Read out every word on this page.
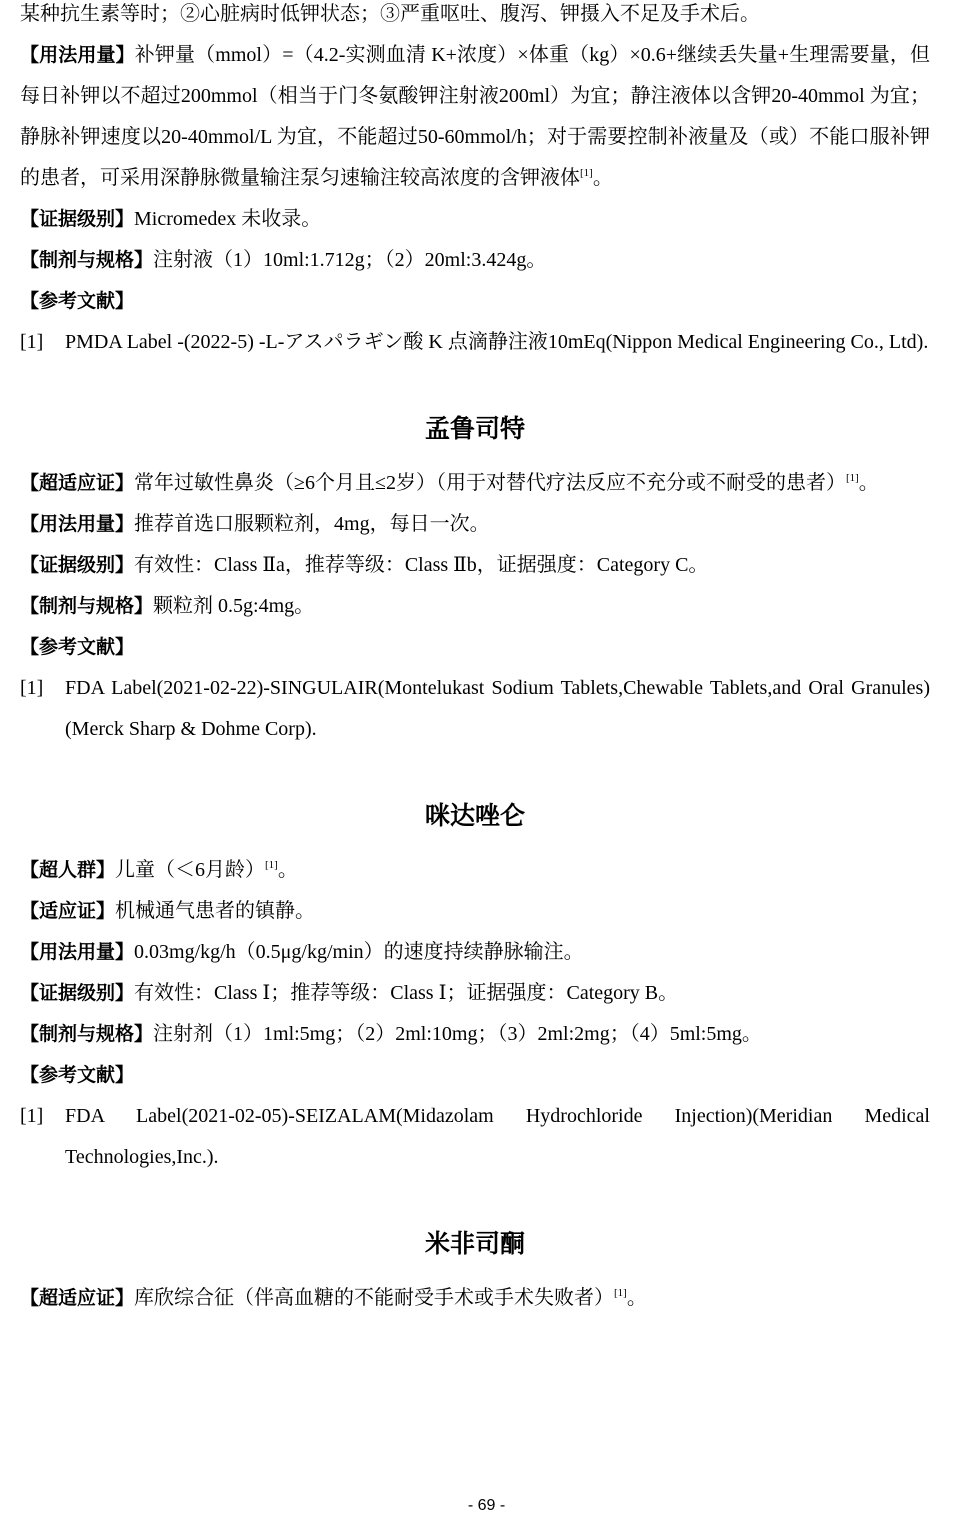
某种抗生素等时；②心脏病时低钾状态；③严重呕吐、腹泻、钾摄入不足及手术后。

【用法用量】补钾量（mmol）=（4.2-实测血清 K+浓度）×体重（kg）×0.6+继续丢失量+生理需要量，但每日补钾以不超过200mmol（相当于门冬氨酸钾注射液200ml）为宜；静注液体以含钾20-40mmol 为宜；静脉补钾速度以20-40mmol/L 为宜，不能超过50-60mmol/h；对于需要控制补液量及（或）不能口服补钾的患者，可采用深静脉微量输注泵匀速输注较高浓度的含钾液体[1]。

【证据级别】Micromedex 未收录。

【制剂与规格】注射液（1）10ml:1.712g；（2）20ml:3.424g。

【参考文献】

[1]	PMDA Label -(2022-5) -L-アスパラギン酸 K 点滴静注液10mEq(Nippon Medical Engineering Co., Ltd).
孟鲁司特

【超适应证】常年过敏性鼻炎（≥6个月且≤2岁）（用于对替代疗法反应不充分或不耐受的患者）[1]。

【用法用量】推荐首选口服颗粒剂，4mg，每日一次。

【证据级别】有效性：Class Ⅱa，推荐等级：Class Ⅱb，证据强度：Category C。

【制剂与规格】颗粒剂 0.5g:4mg。

【参考文献】

[1]	FDA Label(2021-02-22)-SINGULAIR(Montelukast Sodium Tablets,Chewable Tablets,and Oral Granules)(Merck Sharp & Dohme Corp).
咪达唑仑

【超人群】儿童（＜6月龄）[1]。

【适应证】机械通气患者的镇静。

【用法用量】0.03mg/kg/h（0.5μg/kg/min）的速度持续静脉输注。

【证据级别】有效性：Class Ⅰ；推荐等级：Class Ⅰ；证据强度：Category B。

【制剂与规格】注射剂（1）1ml:5mg；（2）2ml:10mg；（3）2ml:2mg；（4）5ml:5mg。

【参考文献】

[1]	FDA Label(2021-02-05)-SEIZALAM(Midazolam Hydrochloride Injection)(Meridian Medical Technologies,Inc.).
米非司酮

【超适应证】库欣综合征（伴高血糖的不能耐受手术或手术失败者）[1]。

- 69 -
